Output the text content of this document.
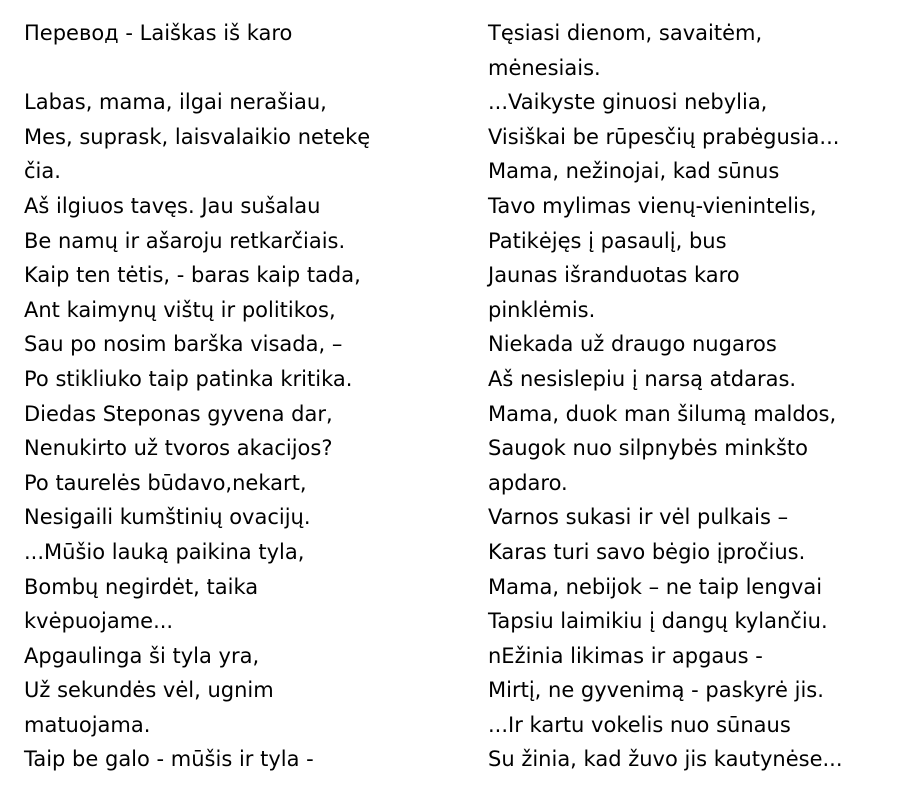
Перевод - Laiškas iš karo
Labas, mama, ilgai nerašiau,
Mes, suprask, laisvalaikio netekę
čia.
Aš ilgiuos tavęs. Jau sušalau
Be namų ir ašaroju retkarčiais.
Kaip ten tėtis, - baras kaip tada,
Ant kaimynų vištų ir politikos,
Sau po nosim barška visada, –
Po stikliuko taip patinka kritika.
Diedas Steponas gyvena dar,
Nenukirto už tvoros akacijos?
Po taurelės būdavo,nekart,
Nesigaili kumštinių ovacijų.
...Mūšio lauką paikina tyla,
Bombų negirdėt, taika
kvėpuojame...
Apgaulinga ši tyla yra,
Už sekundės vėl, ugnim
matuojama.
Taip be galo - mūšis ir tyla -
Tęsiasi dienom, savaitėm,
mėnesiais.
...Vaikyste ginuosi nebylia,
Visiškai be rūpesčių prabėgusia...
Mama, nežinojai, kad sūnus
Tavo mylimas vienų-vienintelis,
Patikėjęs į pasaulį, bus
Jaunas išranduotas karo
pinklėmis.
Niekada už draugo nugaros
Aš nesislepiu į narsą atdaras.
Mama, duok man šilumą maldos,
Saugok nuo silpnybės minkšto
apdaro.
Varnos sukasi ir vėl pulkais –
Karas turi savo bėgio įpročius.
Mama, nebijok – ne taip lengvai
Tapsiu laimikiu į dangų kylančiu.
nEžinia likimas ir apgaus -
Mirtį, ne gyvenimą - paskyrė jis.
...Ir kartu vokelis nuo sūnaus
Su žinia, kad žuvo jis kautynėse...
